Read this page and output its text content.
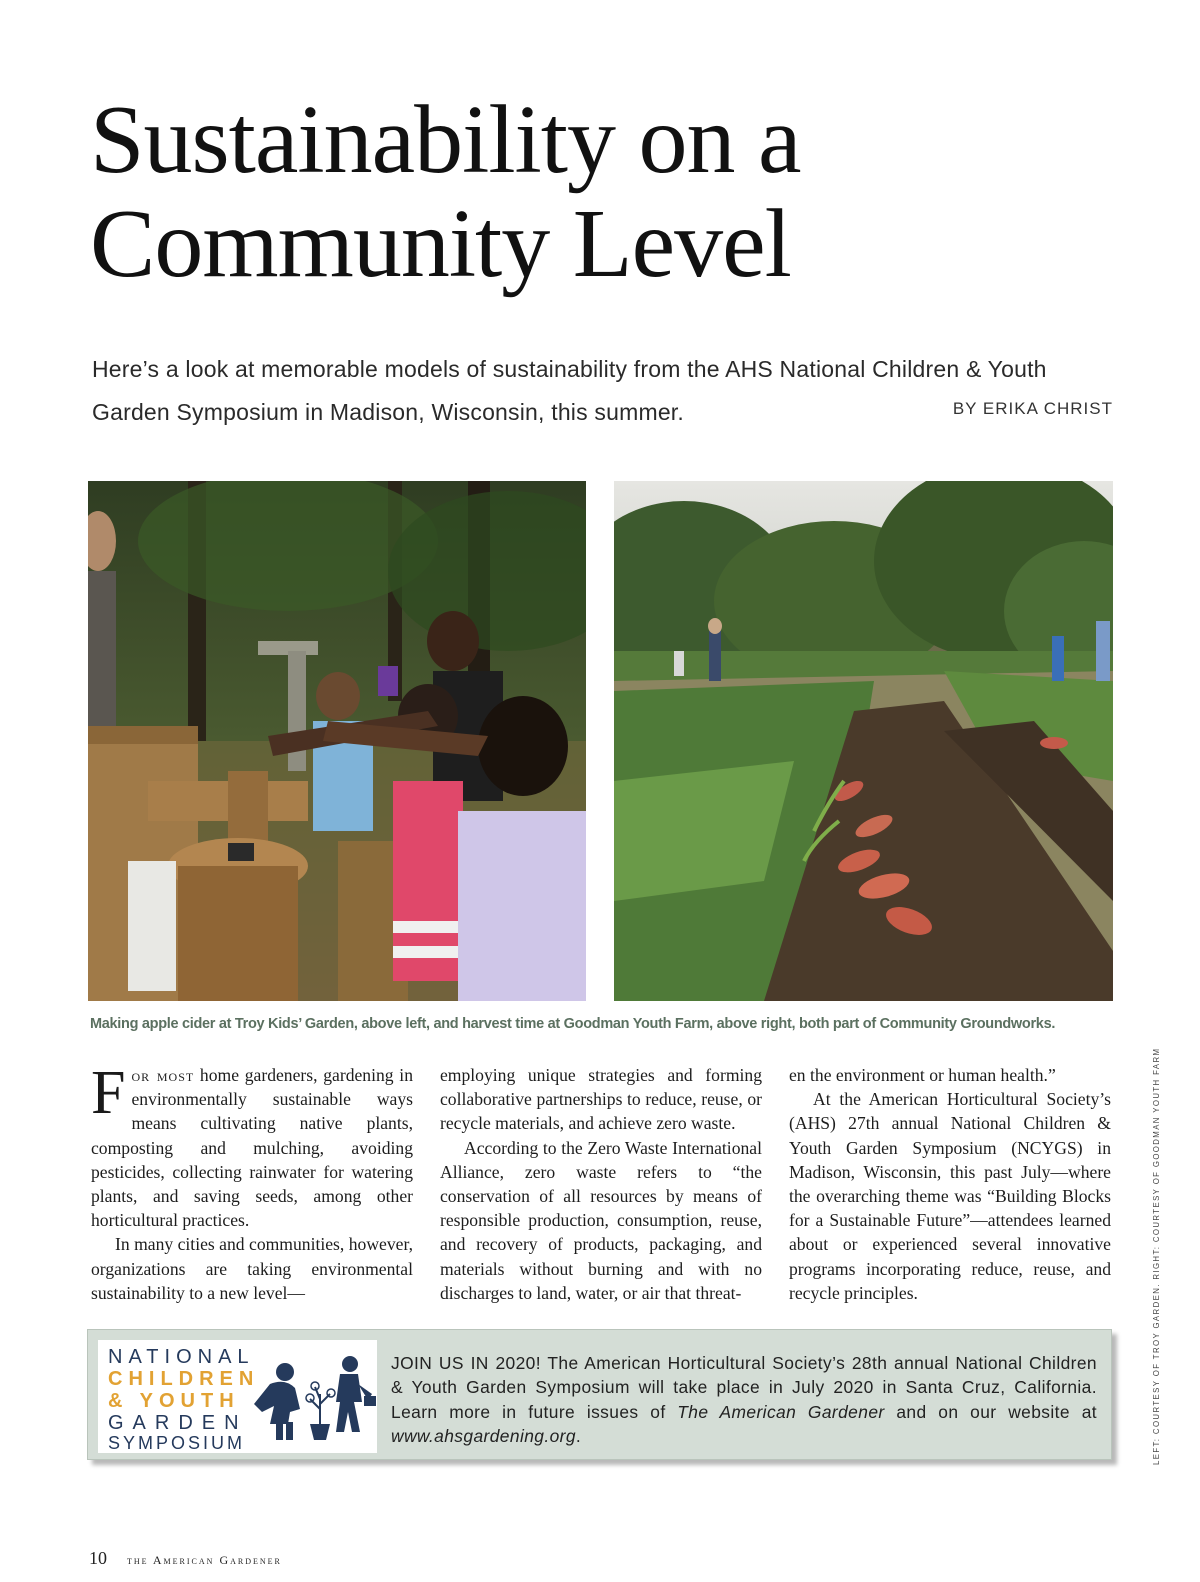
Sustainability on a
Community Level

Here’s a look at memorable models of sustainability from the AHS National Children & Youth Garden Symposium in Madison, Wisconsin, this summer.	BY ERIKA CHRIST
Making apple cider at Troy Kids’ Garden, above left, and harvest time at Goodman Youth Farm, above right, both part of Community Groundworks.

For most home gardeners, gardening in environmentally sustainable ways means cultivating native plants, composting and mulching, avoiding pesticides, collecting rainwater for watering plants, and saving seeds, among other horticultural practices.

In many cities and communities, however, organizations are taking environmental sustainability to a new level—

employing unique strategies and forming collaborative partnerships to reduce, reuse, or recycle materials, and achieve zero waste.

According to the Zero Waste International Alliance, zero waste refers to “the conservation of all resources by means of responsible production, consumption, reuse, and recovery of products, packaging, and materials without burning and with no discharges to land, water, or air that threat-

en the environment or human health.”

At the American Horticultural Society’s (AHS) 27th annual National Children & Youth Garden Symposium (NCYGS) in Madison, Wisconsin, this past July—where the overarching theme was “Building Blocks for a Sustainable Future”—attendees learned about or experienced several innovative programs incorporating reduce, reuse, and recycle principles.

NATIONAL
CHILDREN
& YOUTH
GARDEN
SYMPOSIUM

JOIN US IN 2020! The American Horticultural Society’s 28th annual National Children & Youth Garden Symposium will take place in July 2020 in Santa Cruz, California. Learn more in future issues of The American Gardener and on our website at www.ahsgardening.org.	LEFT: COURTESY OF TROY GARDEN. RIGHT: COURTESY OF GOODMAN YOUTH FARM
10 the American Gardener
